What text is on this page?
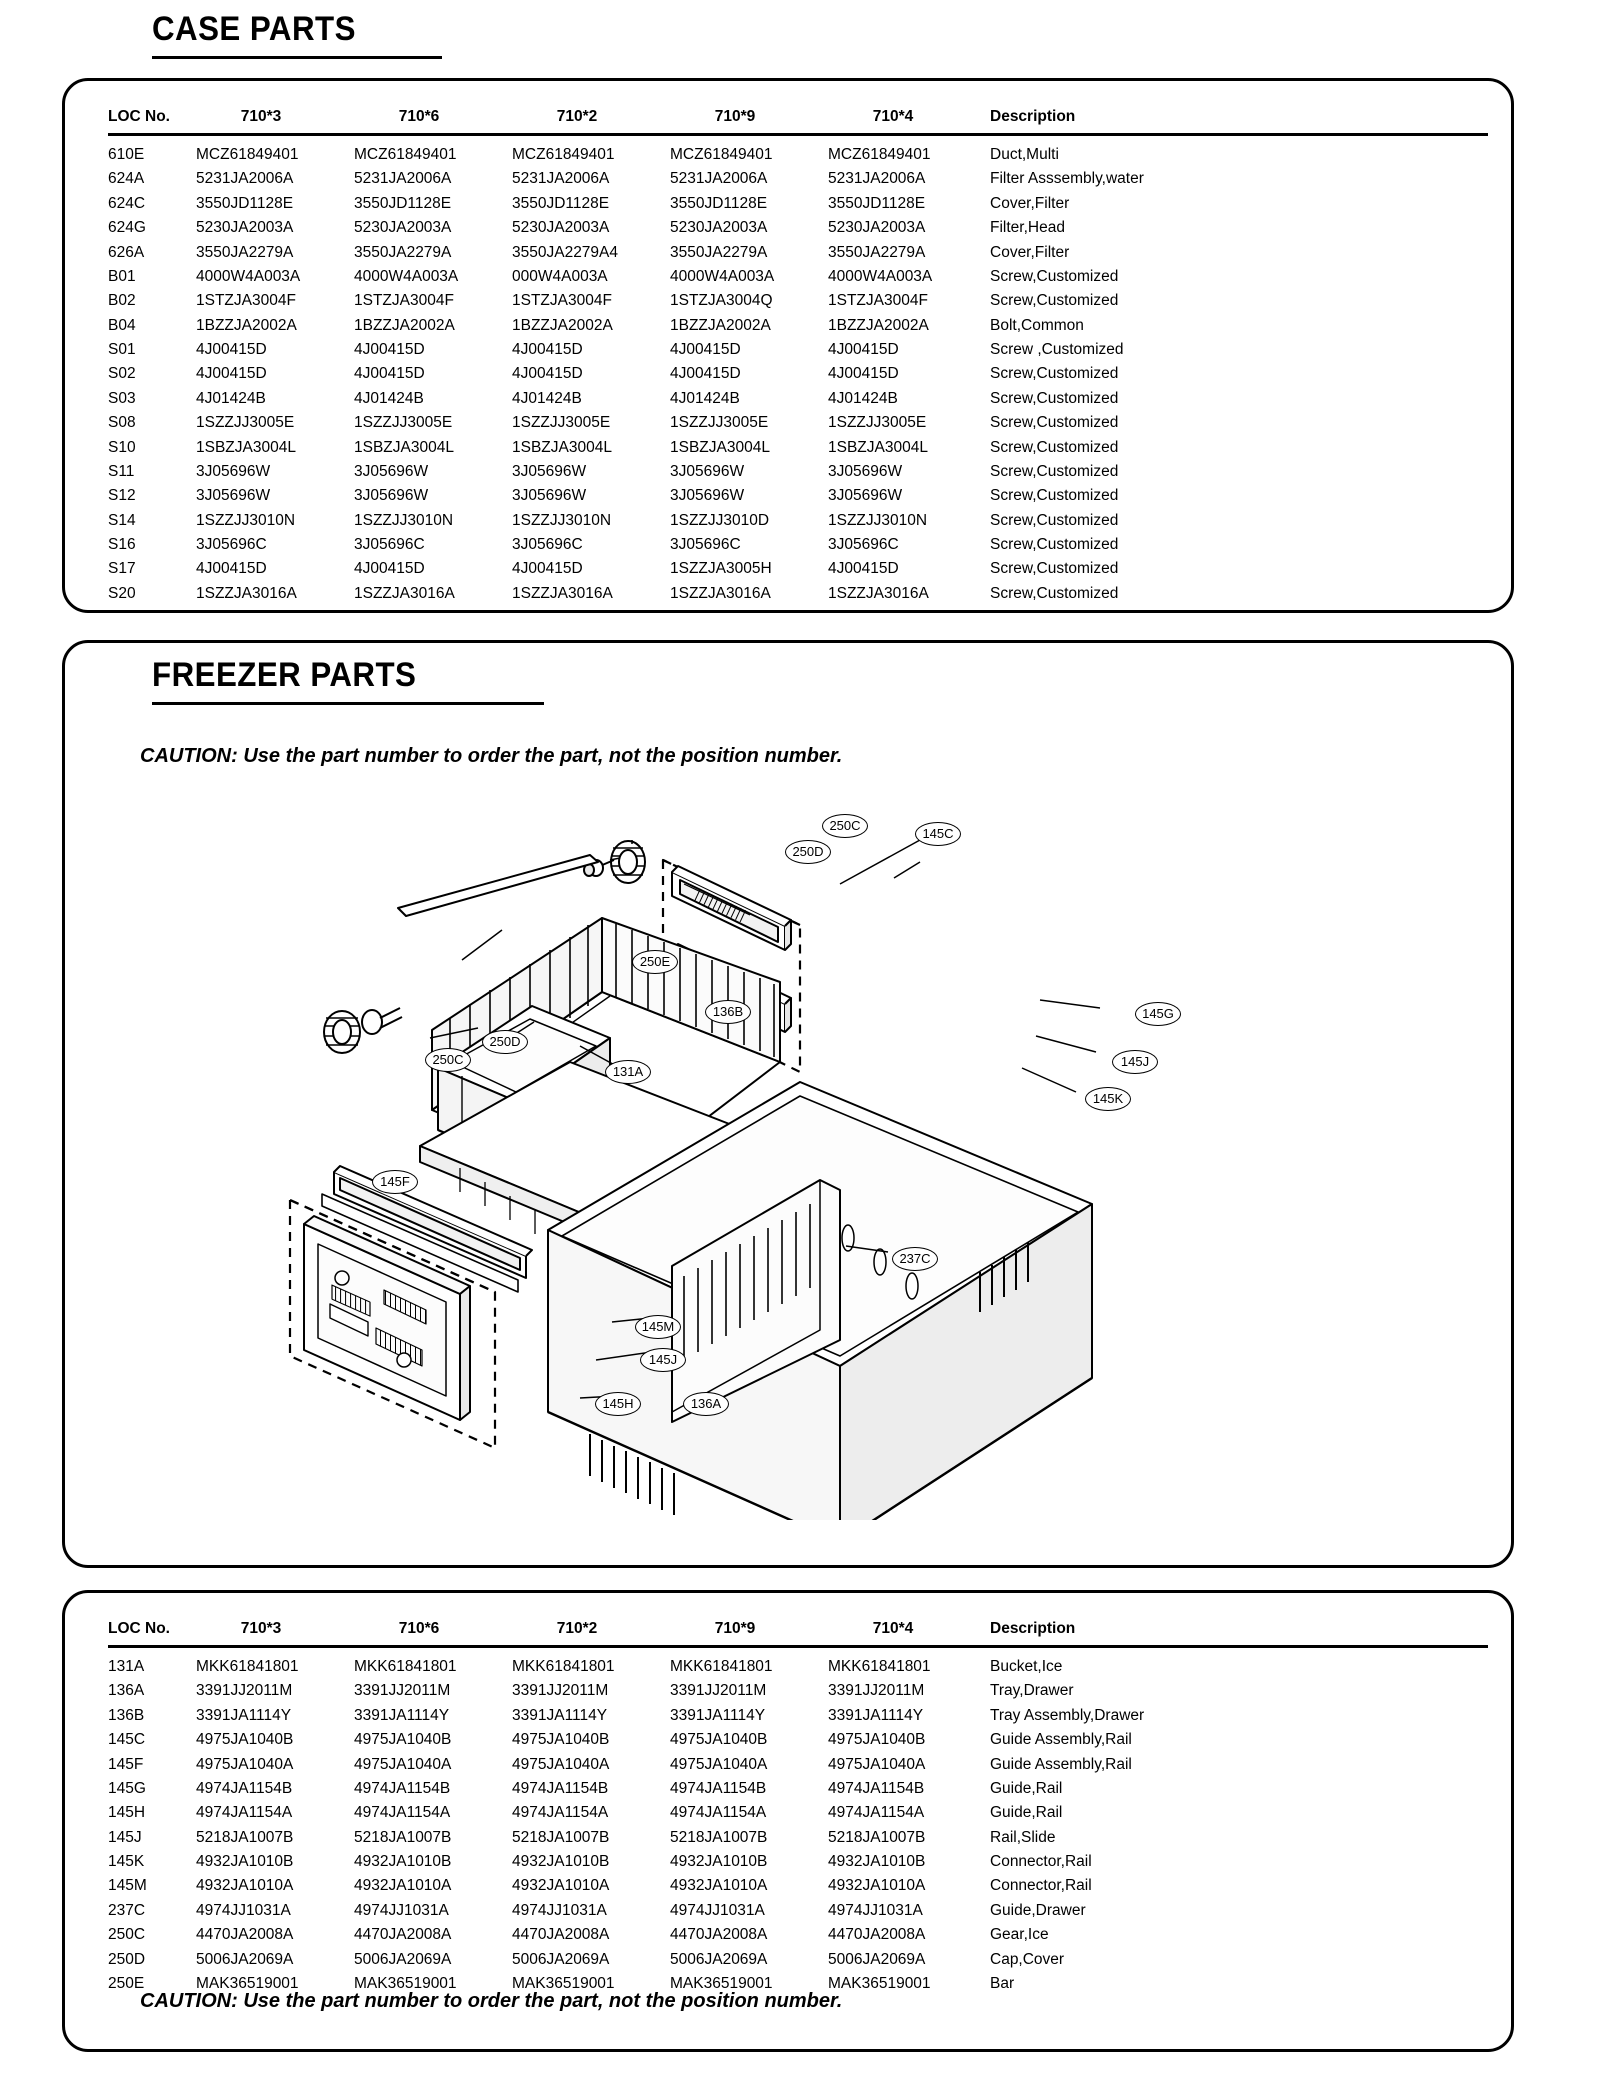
CASE PARTS
LOC No.	710*3	710*6	710*2	710*9	710*4	Description
610E	MCZ61849401	MCZ61849401	MCZ61849401	MCZ61849401	MCZ61849401	Duct,Multi
624A	5231JA2006A	5231JA2006A	5231JA2006A	5231JA2006A	5231JA2006A	Filter Asssembly,water
624C	3550JD1128E	3550JD1128E	3550JD1128E	3550JD1128E	3550JD1128E	Cover,Filter
624G	5230JA2003A	5230JA2003A	5230JA2003A	5230JA2003A	5230JA2003A	Filter,Head
626A	3550JA2279A	3550JA2279A	3550JA2279A4	3550JA2279A	3550JA2279A	Cover,Filter
B01	4000W4A003A	4000W4A003A	000W4A003A	4000W4A003A	4000W4A003A	Screw,Customized
B02	1STZJA3004F	1STZJA3004F	1STZJA3004F	1STZJA3004Q	1STZJA3004F	Screw,Customized
B04	1BZZJA2002A	1BZZJA2002A	1BZZJA2002A	1BZZJA2002A	1BZZJA2002A	Bolt,Common
S01	4J00415D	4J00415D	4J00415D	4J00415D	4J00415D	Screw ,Customized
S02	4J00415D	4J00415D	4J00415D	4J00415D	4J00415D	Screw,Customized
S03	4J01424B	4J01424B	4J01424B	4J01424B	4J01424B	Screw,Customized
S08	1SZZJJ3005E	1SZZJJ3005E	1SZZJJ3005E	1SZZJJ3005E	1SZZJJ3005E	Screw,Customized
S10	1SBZJA3004L	1SBZJA3004L	1SBZJA3004L	1SBZJA3004L	1SBZJA3004L	Screw,Customized
S11	3J05696W	3J05696W	3J05696W	3J05696W	3J05696W	Screw,Customized
S12	3J05696W	3J05696W	3J05696W	3J05696W	3J05696W	Screw,Customized
S14	1SZZJJ3010N	1SZZJJ3010N	1SZZJJ3010N	1SZZJJ3010D	1SZZJJ3010N	Screw,Customized
S16	3J05696C	3J05696C	3J05696C	3J05696C	3J05696C	Screw,Customized
S17	4J00415D	4J00415D	4J00415D	1SZZJA3005H	4J00415D	Screw,Customized
S20	1SZZJA3016A	1SZZJA3016A	1SZZJA3016A	1SZZJA3016A	1SZZJA3016A	Screw,Customized
FREEZER PARTS
CAUTION: Use the part number to order the part, not the position number.
250C
250D
145C
250E
136B	145G
250C
250D
145J
131A
145K
145F
237C
145M
145J
145H	136A
LOC No.	710*3	710*6	710*2	710*9	710*4	Description
131A	MKK61841801	MKK61841801	MKK61841801	MKK61841801	MKK61841801	Bucket,Ice
136A	3391JJ2011M	3391JJ2011M	3391JJ2011M	3391JJ2011M	3391JJ2011M	Tray,Drawer
136B	3391JA1114Y	3391JA1114Y	3391JA1114Y	3391JA1114Y	3391JA1114Y	Tray Assembly,Drawer
145C	4975JA1040B	4975JA1040B	4975JA1040B	4975JA1040B	4975JA1040B	Guide Assembly,Rail
145F	4975JA1040A	4975JA1040A	4975JA1040A	4975JA1040A	4975JA1040A	Guide Assembly,Rail
145G	4974JA1154B	4974JA1154B	4974JA1154B	4974JA1154B	4974JA1154B	Guide,Rail
145H	4974JA1154A	4974JA1154A	4974JA1154A	4974JA1154A	4974JA1154A	Guide,Rail
145J	5218JA1007B	5218JA1007B	5218JA1007B	5218JA1007B	5218JA1007B	Rail,Slide
145K	4932JA1010B	4932JA1010B	4932JA1010B	4932JA1010B	4932JA1010B	Connector,Rail
145M	4932JA1010A	4932JA1010A	4932JA1010A	4932JA1010A	4932JA1010A	Connector,Rail
237C	4974JJ1031A	4974JJ1031A	4974JJ1031A	4974JJ1031A	4974JJ1031A	Guide,Drawer
250C	4470JA2008A	4470JA2008A	4470JA2008A	4470JA2008A	4470JA2008A	Gear,Ice
250D	5006JA2069A	5006JA2069A	5006JA2069A	5006JA2069A	5006JA2069A	Cap,Cover
250E	MAK36519001	MAK36519001	MAK36519001	MAK36519001	MAK36519001	Bar
CAUTION: Use the part number to order the part, not the position number.
